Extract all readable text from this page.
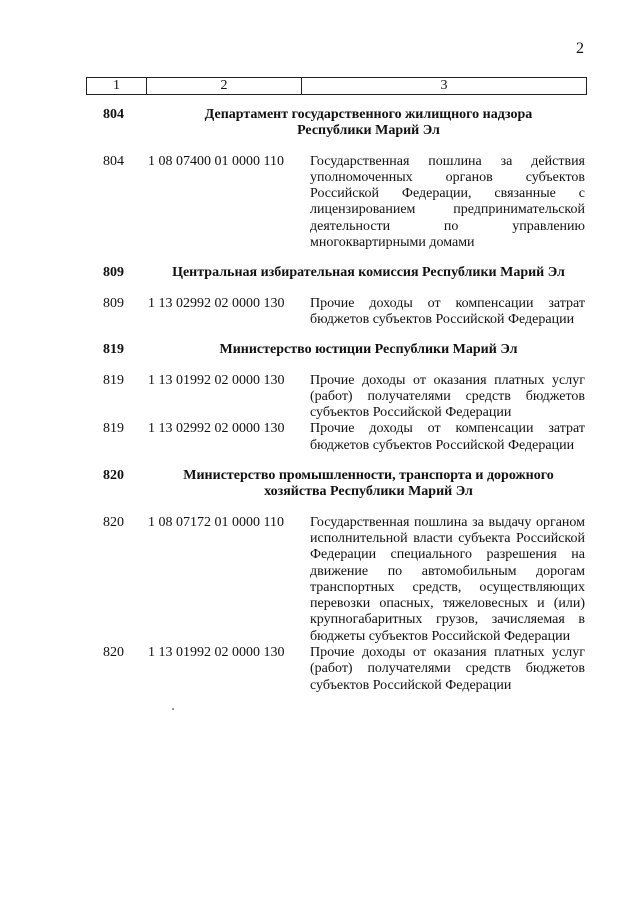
2
1	2	3
804	Департамент государственного жилищного надзора
Республики Марий Эл
804	1 08 07400 01 0000 110	Государственная пошлина за действия уполномоченных органов субъектов Российской Федерации, связанные с лицензированием предпринимательской деятельности по управлению многоквартирными домами
809	Центральная избирательная комиссия Республики Марий Эл
809	1 13 02992 02 0000 130	Прочие доходы от компенсации затрат бюджетов субъектов Российской Федерации
819	Министерство юстиции Республики Марий Эл
819	1 13 01992 02 0000 130	Прочие доходы от оказания платных услуг (работ) получателями средств бюджетов субъектов Российской Федерации
819	1 13 02992 02 0000 130	Прочие доходы от компенсации затрат бюджетов субъектов Российской Федерации
820	Министерство промышленности, транспорта и дорожного
хозяйства Республики Марий Эл
820	1 08 07172 01 0000 110	Государственная пошлина за выдачу органом исполнительной власти субъекта Российской Федерации специального разрешения на движение по автомобильным дорогам транспортных средств, осуществляющих перевозки опасных, тяжеловесных и (или) крупногабаритных грузов, зачисляемая в бюджеты субъектов Российской Федерации
820	1 13 01992 02 0000 130	Прочие доходы от оказания платных услуг (работ) получателями средств бюджетов субъектов Российской Федерации
